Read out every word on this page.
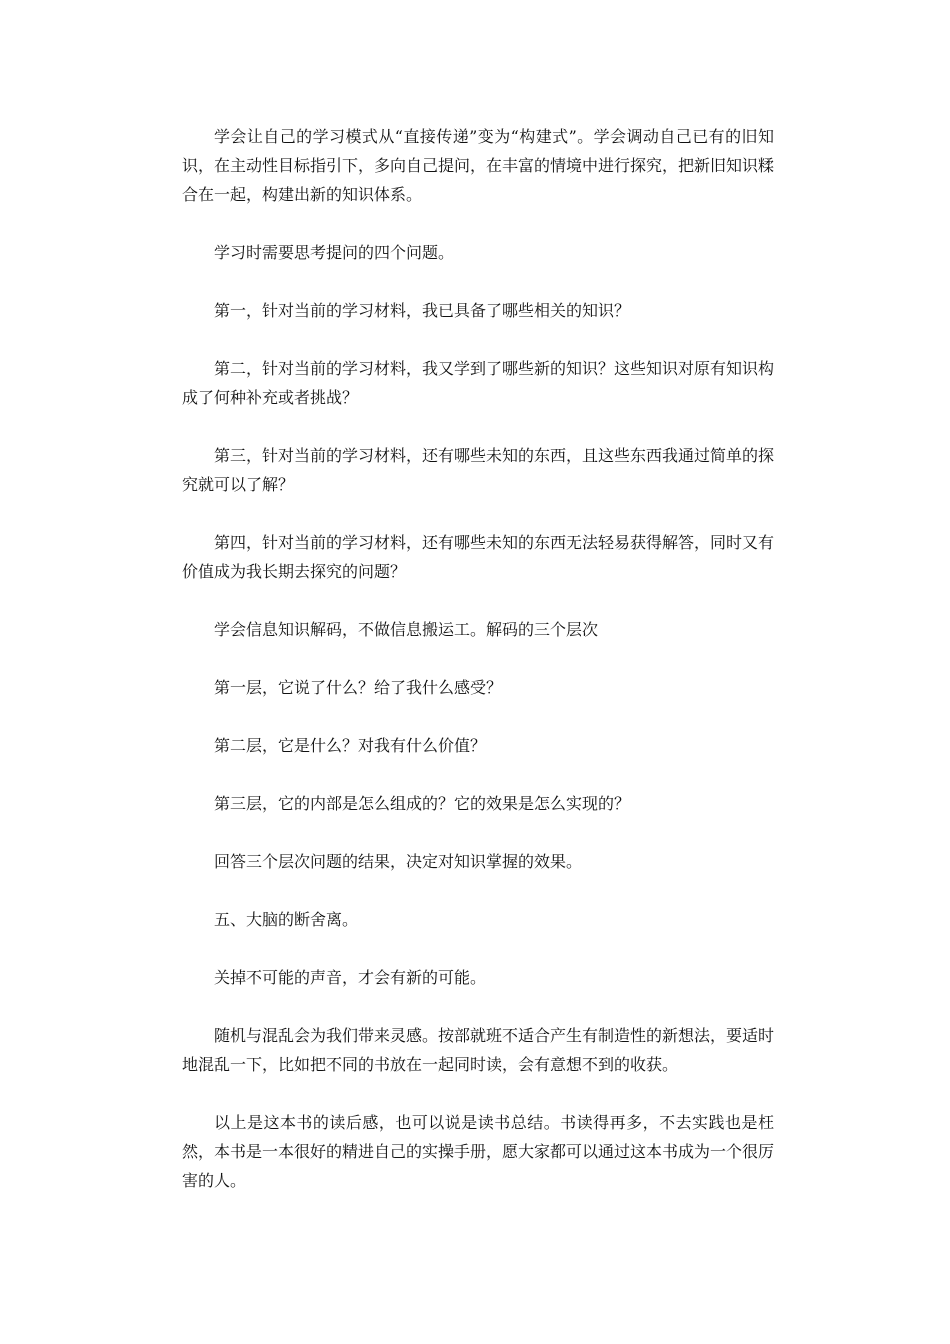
学会让自己的学习模式从“直接传递”变为“构建式”。学会调动自己已有的旧知识，在主动性目标指引下，多向自己提问，在丰富的情境中进行探究，把新旧知识糅合在一起，构建出新的知识体系。

学习时需要思考提问的四个问题。

第一，针对当前的学习材料，我已具备了哪些相关的知识？

第二，针对当前的学习材料，我又学到了哪些新的知识？这些知识对原有知识构成了何种补充或者挑战？

第三，针对当前的学习材料，还有哪些未知的东西，且这些东西我通过简单的探究就可以了解？

第四，针对当前的学习材料，还有哪些未知的东西无法轻易获得解答，同时又有价值成为我长期去探究的问题？

学会信息知识解码，不做信息搬运工。解码的三个层次

第一层，它说了什么？给了我什么感受？

第二层，它是什么？对我有什么价值？

第三层，它的内部是怎么组成的？它的效果是怎么实现的？

回答三个层次问题的结果，决定对知识掌握的效果。

五、大脑的断舍离。

关掉不可能的声音，才会有新的可能。

随机与混乱会为我们带来灵感。按部就班不适合产生有制造性的新想法，要适时地混乱一下，比如把不同的书放在一起同时读，会有意想不到的收获。

以上是这本书的读后感，也可以说是读书总结。书读得再多，不去实践也是枉然，本书是一本很好的精进自己的实操手册，愿大家都可以通过这本书成为一个很厉害的人。
